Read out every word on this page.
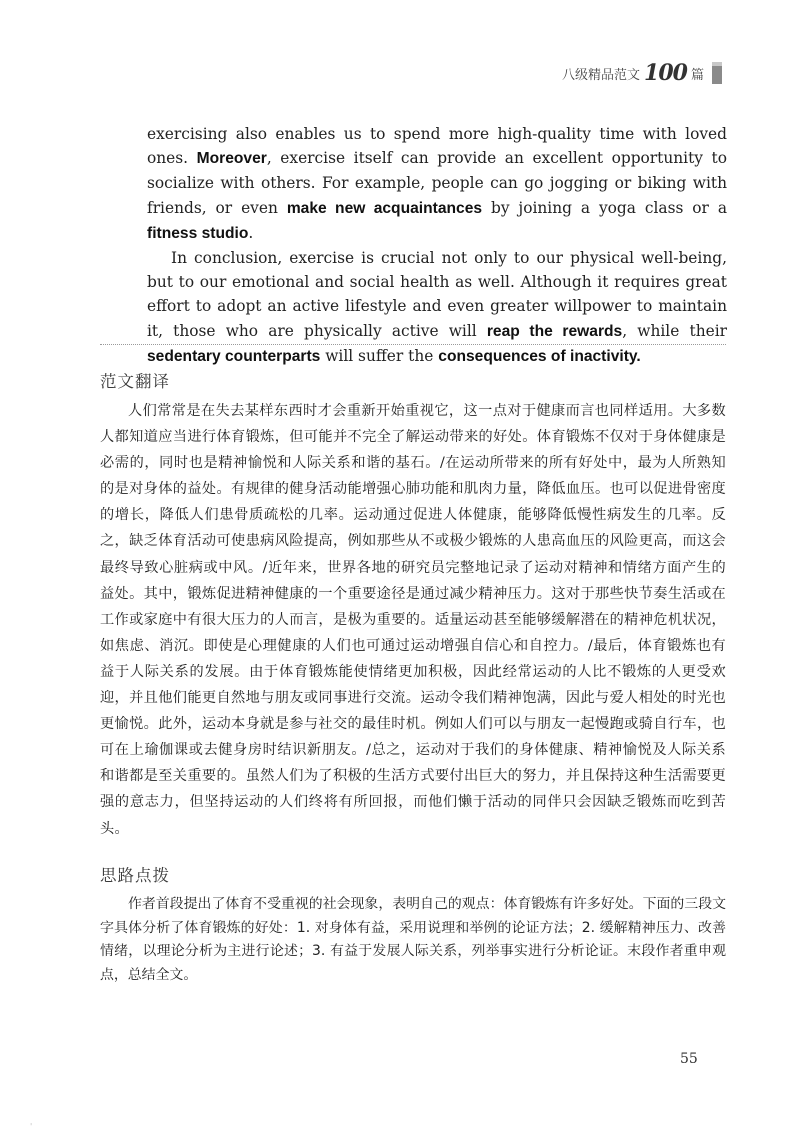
八级精品范文 100 篇

exercising also enables us to spend more high-quality time with loved ones. Moreover, exercise itself can provide an excellent opportunity to socialize with others. For example, people can go jogging or biking with friends, or even make new acquaintances by joining a yoga class or a fitness studio.

In conclusion, exercise is crucial not only to our physical well-being, but to our emotional and social health as well. Although it requires great effort to adopt an active lifestyle and even greater willpower to maintain it, those who are physically active will reap the rewards, while their sedentary counterparts will suffer the consequences of inactivity.

范文翻译

人们常常是在失去某样东西时才会重新开始重视它，这一点对于健康而言也同样适用。大多数人都知道应当进行体育锻炼，但可能并不完全了解运动带来的好处。体育锻炼不仅对于身体健康是必需的，同时也是精神愉悦和人际关系和谐的基石。/在运动所带来的所有好处中，最为人所熟知的是对身体的益处。有规律的健身活动能增强心肺功能和肌肉力量，降低血压。也可以促进骨密度的增长，降低人们患骨质疏松的几率。运动通过促进人体健康，能够降低慢性病发生的几率。反之，缺乏体育活动可使患病风险提高，例如那些从不或极少锻炼的人患高血压的风险更高，而这会最终导致心脏病或中风。/近年来，世界各地的研究员完整地记录了运动对精神和情绪方面产生的益处。其中，锻炼促进精神健康的一个重要途径是通过减少精神压力。这对于那些快节奏生活或在工作或家庭中有很大压力的人而言，是极为重要的。适量运动甚至能够缓解潜在的精神危机状况，如焦虑、消沉。即使是心理健康的人们也可通过运动增强自信心和自控力。/最后，体育锻炼也有益于人际关系的发展。由于体育锻炼能使情绪更加积极，因此经常运动的人比不锻炼的人更受欢迎，并且他们能更自然地与朋友或同事进行交流。运动令我们精神饱满，因此与爱人相处的时光也更愉悦。此外，运动本身就是参与社交的最佳时机。例如人们可以与朋友一起慢跑或骑自行车，也可在上瑜伽课或去健身房时结识新朋友。/总之，运动对于我们的身体健康、精神愉悦及人际关系和谐都是至关重要的。虽然人们为了积极的生活方式要付出巨大的努力，并且保持这种生活需要更强的意志力，但坚持运动的人们终将有所回报，而他们懒于活动的同伴只会因缺乏锻炼而吃到苦头。

思路点拨

作者首段提出了体育不受重视的社会现象，表明自己的观点：体育锻炼有许多好处。下面的三段文字具体分析了体育锻炼的好处：1. 对身体有益，采用说理和举例的论证方法；2. 缓解精神压力、改善情绪，以理论分析为主进行论述；3. 有益于发展人际关系，列举事实进行分析论证。末段作者重申观点，总结全文。

55
'
